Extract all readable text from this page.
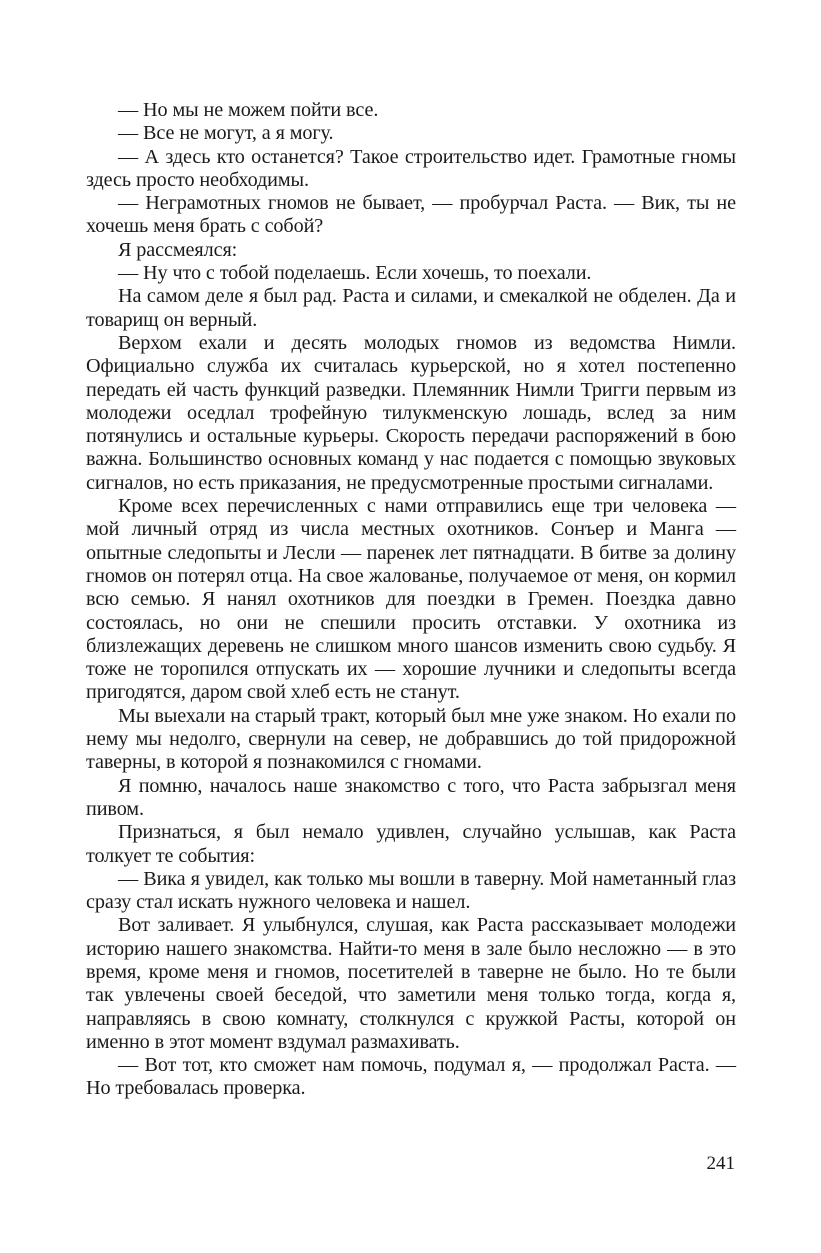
— Но мы не можем пойти все.

— Все не могут, а я могу.

— А здесь кто останется? Такое строительство идет. Грамотные гномы здесь просто необходимы.

— Неграмотных гномов не бывает, — пробурчал Раста. — Вик, ты не хочешь меня брать с собой?

Я рассмеялся:

— Ну что с тобой поделаешь. Если хочешь, то поехали.

На самом деле я был рад. Раста и силами, и смекалкой не обделен. Да и товарищ он верный.

Верхом ехали и десять молодых гномов из ведомства Нимли. Официально служба их считалась курьерской, но я хотел постепенно передать ей часть функций разведки. Племянник Нимли Тригги первым из молодежи оседлал трофейную тилукменскую лошадь, вслед за ним потянулись и остальные курьеры. Скорость передачи распоряжений в бою важна. Большинство основных команд у нас подается с помощью звуковых сигналов, но есть приказания, не предусмотренные простыми сигналами.

Кроме всех перечисленных с нами отправились еще три человека — мой личный отряд из числа местных охотников. Сонъер и Манга — опытные следопыты и Лесли — паренек лет пятнадцати. В битве за долину гномов он потерял отца. На свое жалованье, получаемое от меня, он кормил всю семью. Я нанял охотников для поездки в Гремен. Поездка давно состоялась, но они не спешили просить отставки. У охотника из близлежащих деревень не слишком много шансов изменить свою судьбу. Я тоже не торопился отпускать их — хорошие лучники и следопыты всегда пригодятся, даром свой хлеб есть не станут.

Мы выехали на старый тракт, который был мне уже знаком. Но ехали по нему мы недолго, свернули на север, не добравшись до той придорожной таверны, в которой я познакомился с гномами.

Я помню, началось наше знакомство с того, что Раста забрызгал меня пивом.

Признаться, я был немало удивлен, случайно услышав, как Раста толкует те события:

— Вика я увидел, как только мы вошли в таверну. Мой наметанный глаз сразу стал искать нужного человека и нашел.

Вот заливает. Я улыбнулся, слушая, как Раста рассказывает молодежи историю нашего знакомства. Найти-то меня в зале было несложно — в это время, кроме меня и гномов, посетителей в таверне не было. Но те были так увлечены своей беседой, что заметили меня только тогда, когда я, направляясь в свою комнату, столкнулся с кружкой Расты, которой он именно в этот момент вздумал размахивать.

— Вот тот, кто сможет нам помочь, подумал я, — продолжал Раста. — Но требовалась проверка.

241
